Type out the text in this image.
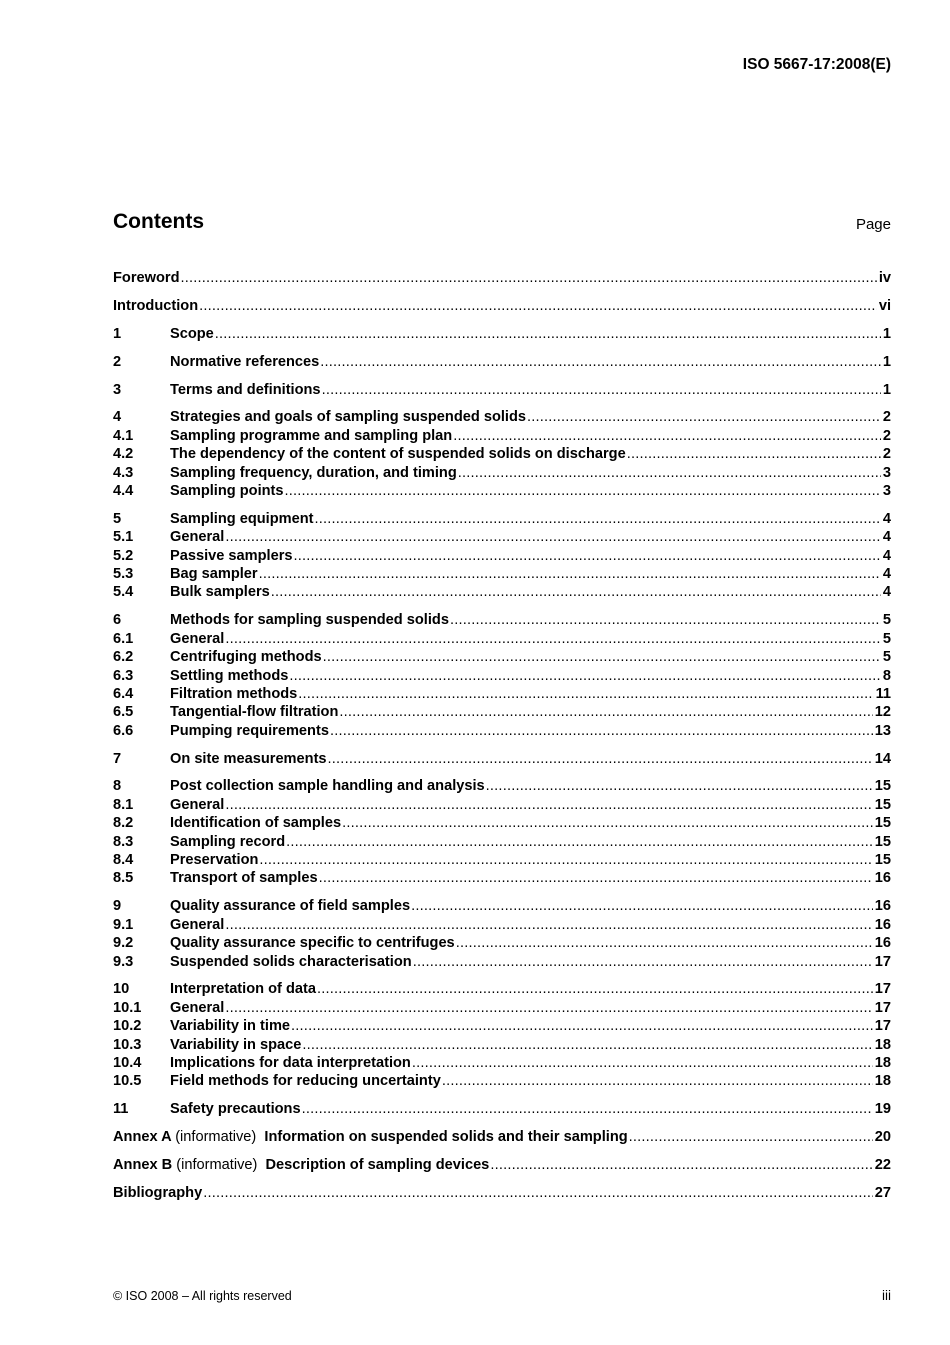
ISO 5667-17:2008(E)
Contents	Page
Foreword .....	iv
Introduction .....	vi
1	Scope .....	1
2	Normative references .....	1
3	Terms and definitions .....	1
4	Strategies and goals of sampling suspended solids .....	2
4.1	Sampling programme and sampling plan .....	2
4.2	The dependency of the content of suspended solids on discharge .....	2
4.3	Sampling frequency, duration, and timing .....	3
4.4	Sampling points .....	3
5	Sampling equipment .....	4
5.1	General .....	4
5.2	Passive samplers .....	4
5.3	Bag sampler .....	4
5.4	Bulk samplers .....	4
6	Methods for sampling suspended solids .....	5
6.1	General .....	5
6.2	Centrifuging methods .....	5
6.3	Settling methods .....	8
6.4	Filtration methods .....	11
6.5	Tangential-flow filtration .....	12
6.6	Pumping requirements .....	13
7	On site measurements .....	14
8	Post collection sample handling and analysis .....	15
8.1	General .....	15
8.2	Identification of samples .....	15
8.3	Sampling record .....	15
8.4	Preservation .....	15
8.5	Transport of samples .....	16
9	Quality assurance of field samples .....	16
9.1	General .....	16
9.2	Quality assurance specific to centrifuges .....	16
9.3	Suspended solids characterisation .....	17
10	Interpretation of data .....	17
10.1	General .....	17
10.2	Variability in time .....	17
10.3	Variability in space .....	18
10.4	Implications for data interpretation .....	18
10.5	Field methods for reducing uncertainty .....	18
11	Safety precautions .....	19
Annex A (informative) Information on suspended solids and their sampling .....	20
Annex B (informative) Description of sampling devices .....	22
Bibliography .....	27
© ISO 2008 – All rights reserved	iii
